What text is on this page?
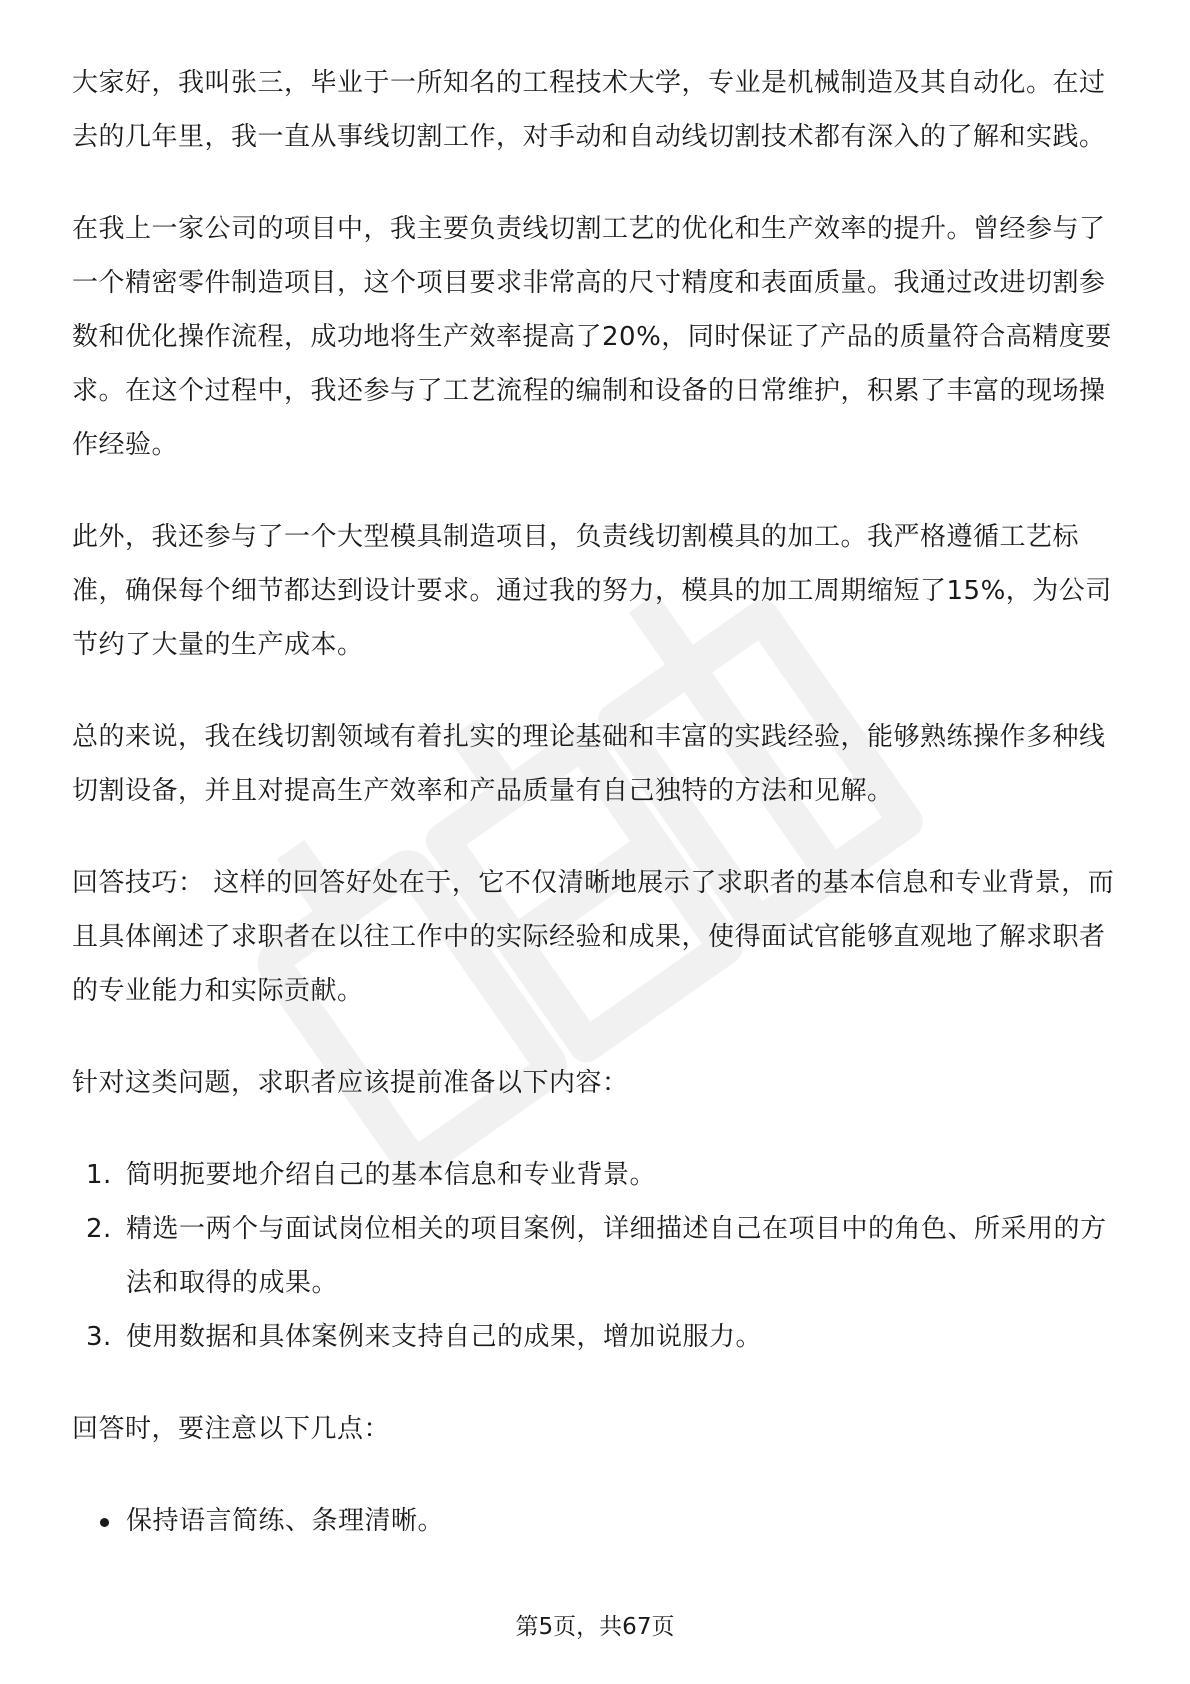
大家好，我叫张三，毕业于一所知名的工程技术大学，专业是机械制造及其自动化。在过去的几年里，我一直从事线切割工作，对手动和自动线切割技术都有深入的了解和实践。

在我上一家公司的项目中，我主要负责线切割工艺的优化和生产效率的提升。曾经参与了一个精密零件制造项目，这个项目要求非常高的尺寸精度和表面质量。我通过改进切割参数和优化操作流程，成功地将生产效率提高了20%，同时保证了产品的质量符合高精度要求。在这个过程中，我还参与了工艺流程的编制和设备的日常维护，积累了丰富的现场操作经验。

此外，我还参与了一个大型模具制造项目，负责线切割模具的加工。我严格遵循工艺标准，确保每个细节都达到设计要求。通过我的努力，模具的加工周期缩短了15%，为公司节约了大量的生产成本。

总的来说，我在线切割领域有着扎实的理论基础和丰富的实践经验，能够熟练操作多种线切割设备，并且对提高生产效率和产品质量有自己独特的方法和见解。

回答技巧： 这样的回答好处在于，它不仅清晰地展示了求职者的基本信息和专业背景，而且具体阐述了求职者在以往工作中的实际经验和成果，使得面试官能够直观地了解求职者的专业能力和实际贡献。

针对这类问题，求职者应该提前准备以下内容：

1. 简明扼要地介绍自己的基本信息和专业背景。
2. 精选一两个与面试岗位相关的项目案例，详细描述自己在项目中的角色、所采用的方法和取得的成果。
3. 使用数据和具体案例来支持自己的成果，增加说服力。

回答时，要注意以下几点：

保持语言简练、条理清晰。
第5页，共67页
